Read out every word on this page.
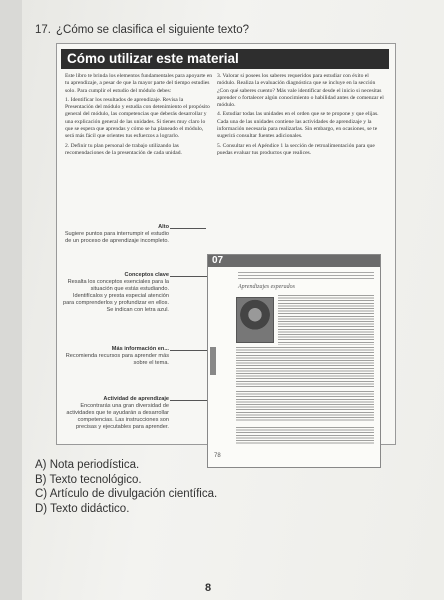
17. ¿Cómo se clasifica el siguiente texto?
Cómo utilizar este material

Este libro te brinda los elementos fundamentales para apoyarte en tu aprendizaje, a pesar de que la mayor parte del tiempo estudies solo. Para cumplir el estudio del módulo debes:

1. Identificar los resultados de aprendizaje. Revisa la Presentación del módulo y estudia con detenimiento el propósito general del módulo, las competencias que deberás desarrollar y una explicación general de las unidades. Si tienes muy claro lo que se espera que aprendas y cómo se ha planeado el módulo, será más fácil que orientes tus esfuerzos a lograrlo.

2. Definir tu plan personal de trabajo utilizando las recomendaciones de la presentación de cada unidad.

3. Valorar si posees los saberes requeridos para estudiar con éxito el módulo. Realiza la evaluación diagnóstica que se incluye en la sección ¿Con qué saberes cuento? Más vale identificar desde el inicio si necesitas aprender o fortalecer algún conocimiento o habilidad antes de comenzar el módulo.

4. Estudiar todas las unidades en el orden que se te propone y que elijas. Cada una de las unidades contiene las actividades de aprendizaje y la información necesaria para realizarlas. Sin embargo, en ocasiones, se te sugerirá consultar fuentes adicionales.

5. Consultar en el Apéndice 1 la sección de retroalimentación para que puedas evaluar tus productos que realices.

Alto
Sugiere puntos para interrumpir el estudio de un proceso de aprendizaje incompleto.
Conceptos clave
Resalta los conceptos esenciales para la situación que estás estudiando. Identifícalos y presta especial atención para comprenderlos y profundizar en ellos. Se indican con letra azul.
Más información en...
Recomienda recursos para aprender más sobre el tema.
Actividad de aprendizaje
Encontrarás una gran diversidad de actividades que te ayudarán a desarrollar competencias. Las instrucciones son precisas y ejecutables para aprender.
07
Aprendizajes esperados
78
A) Nota periodística.
B) Texto tecnológico.
C) Artículo de divulgación científica.
D) Texto didáctico.
8
